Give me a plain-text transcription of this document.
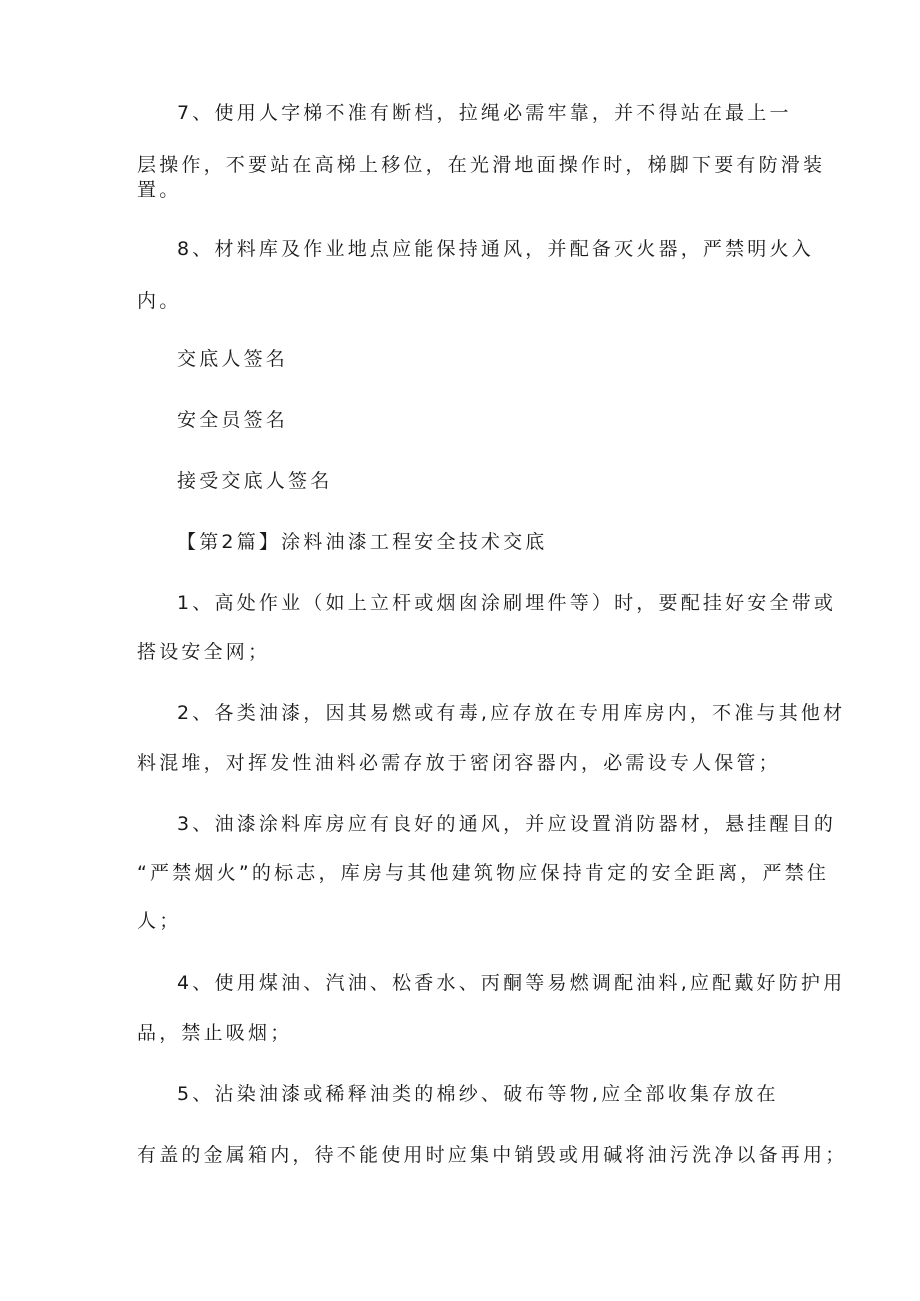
7、使用人字梯不准有断档，拉绳必需牢靠，并不得站在最上一
层操作，不要站在高梯上移位，在光滑地面操作时，梯脚下要有防滑装
置。
8、材料库及作业地点应能保持通风，并配备灭火器，严禁明火入
内。
交底人签名
安全员签名
接受交底人签名
【第2篇】涂料油漆工程安全技术交底
1、高处作业（如上立杆或烟囱涂刷埋件等）时，要配挂好安全带或
搭设安全网；
2、各类油漆，因其易燃或有毒,应存放在专用库房内，不准与其他材
料混堆，对挥发性油料必需存放于密闭容器内，必需设专人保管；
3、油漆涂料库房应有良好的通风，并应设置消防器材，悬挂醒目的
“严禁烟火”的标志，库房与其他建筑物应保持肯定的安全距离，严禁住
人；
4、使用煤油、汽油、松香水、丙酮等易燃调配油料,应配戴好防护用
品，禁止吸烟；
5、沾染油漆或稀释油类的棉纱、破布等物,应全部收集存放在
有盖的金属箱内，待不能使用时应集中销毁或用碱将油污洗净以备再用；
